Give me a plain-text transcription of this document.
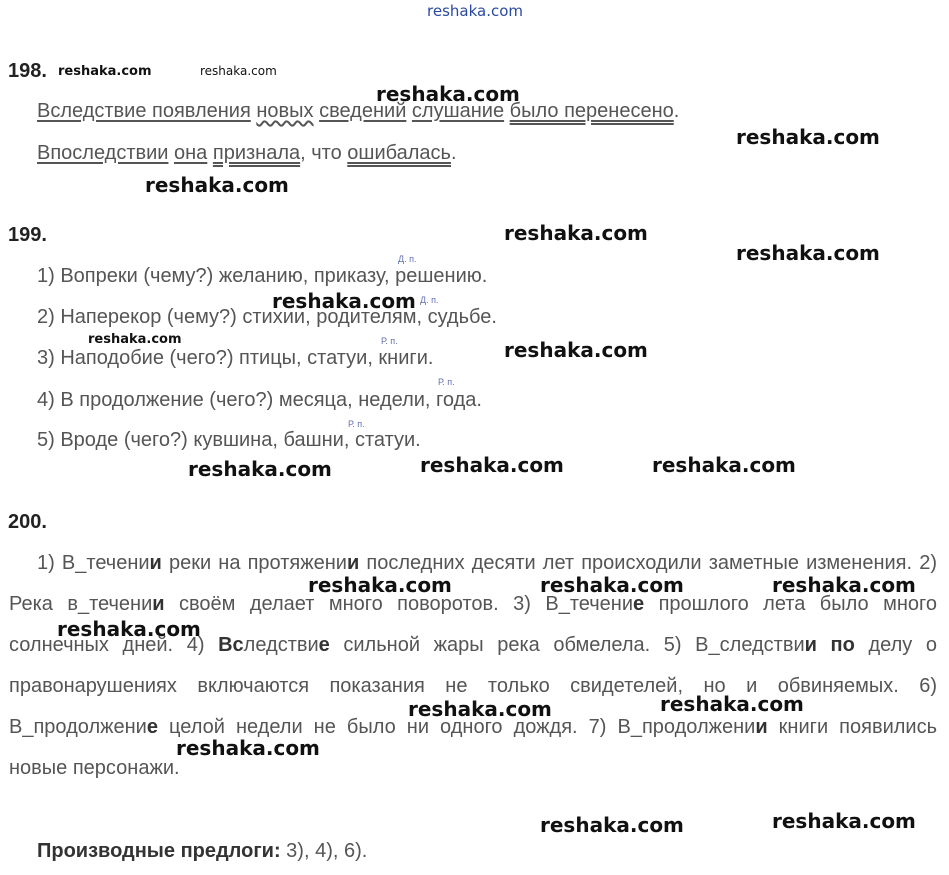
reshaka.com
198. reshaka.com	reshaka.com
reshaka.com
Вследствие появления новых сведений слушание было перенесено.
reshaka.com
Впоследствии она признала, что ошибалась.
reshaka.com
199.	reshaka.com
reshaka.com
Д. п.
1) Вопреки (чему?) желанию, приказу, решению.
reshaka.com Д. п.
2) Наперекор (чему?) стихии, родителям, судьбе.
reshaka.com	Р. п.
3) Наподобие (чего?) птицы, статуи, книги.	reshaka.com
Р. п.
4) В продолжение (чего?) месяца, недели, года.
Р. п.
5) Вроде (чего?) кувшина, башни, статуи.
reshaka.com	reshaka.com	reshaka.com
200.
1) В_течении реки на протяжении последних десяти лет происходили заметные изменения. 2) Река в_течении своём делает много поворотов. 3) В_течение прошлого лета было много солнечных дней. 4) Вследствие сильной жары река обмелела. 5) В_следствии по делу о правонарушениях включаются показания не только свидетелей, но и обвиняемых. 6) В_продолжение целой недели не было ни одного дождя. 7) В_продолжении книги появились новые персонажи.
reshaka.com	reshaka.com	reshaka.com
reshaka.com
reshaka.com	reshaka.com
reshaka.com
reshaka.com	reshaka.com
Производные предлоги: 3), 4), 6).
